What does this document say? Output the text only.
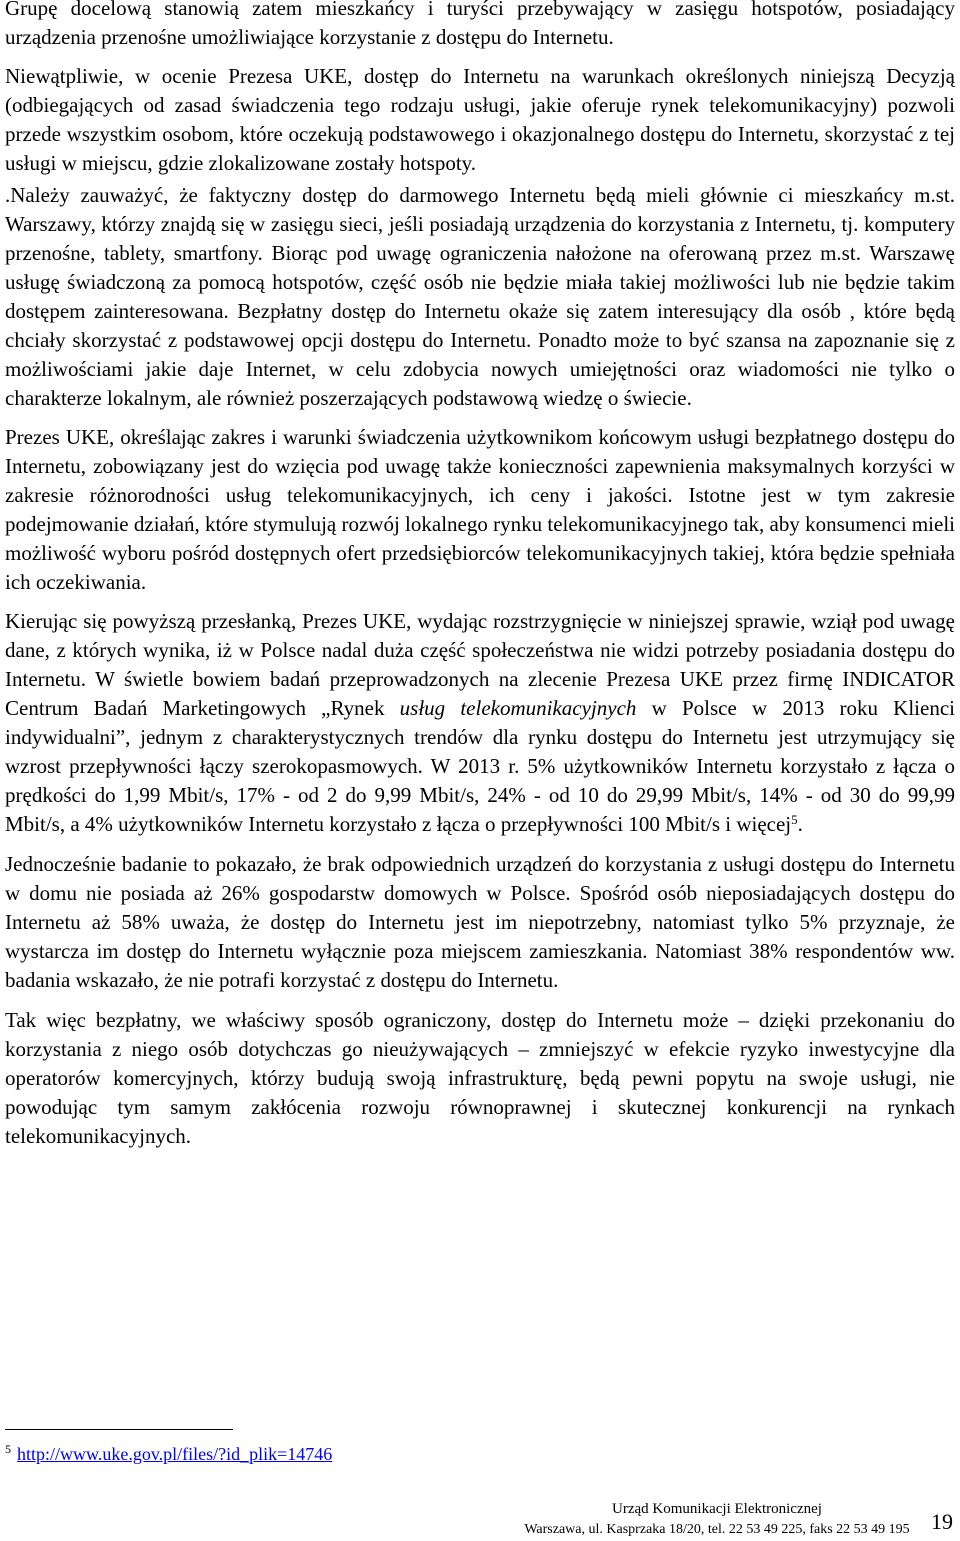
Grupę docelową stanowią zatem mieszkańcy i turyści przebywający w zasięgu hotspotów, posiadający urządzenia przenośne umożliwiające korzystanie z dostępu do Internetu.

Niewątpliwie, w ocenie Prezesa UKE, dostęp do Internetu na warunkach określonych niniejszą Decyzją (odbiegających od zasad świadczenia tego rodzaju usługi, jakie oferuje rynek telekomunikacyjny) pozwoli przede wszystkim osobom, które oczekują podstawowego i okazjonalnego dostępu do Internetu, skorzystać z tej usługi w miejscu, gdzie zlokalizowane zostały hotspoty.

.Należy zauważyć, że faktyczny dostęp do darmowego Internetu będą mieli głównie ci mieszkańcy m.st. Warszawy, którzy znajdą się w zasięgu sieci, jeśli posiadają urządzenia do korzystania z Internetu, tj. komputery przenośne, tablety, smartfony. Biorąc pod uwagę ograniczenia nałożone na oferowaną przez m.st. Warszawę usługę świadczoną za pomocą hotspotów, część osób nie będzie miała takiej możliwości lub nie będzie takim dostępem zainteresowana. Bezpłatny dostęp do Internetu okaże się zatem interesujący dla osób , które będą chciały skorzystać z podstawowej opcji dostępu do Internetu. Ponadto może to być szansa na zapoznanie się z możliwościami jakie daje Internet, w celu zdobycia nowych umiejętności oraz wiadomości nie tylko o charakterze lokalnym, ale również poszerzających podstawową wiedzę o świecie.

Prezes UKE, określając zakres i warunki świadczenia użytkownikom końcowym usługi bezpłatnego dostępu do Internetu, zobowiązany jest do wzięcia pod uwagę także konieczności zapewnienia maksymalnych korzyści w zakresie różnorodności usług telekomunikacyjnych, ich ceny i jakości. Istotne jest w tym zakresie podejmowanie działań, które stymulują rozwój lokalnego rynku telekomunikacyjnego tak, aby konsumenci mieli możliwość wyboru pośród dostępnych ofert przedsiębiorców telekomunikacyjnych takiej, która będzie spełniała ich oczekiwania.

Kierując się powyższą przesłanką, Prezes UKE, wydając rozstrzygnięcie w niniejszej sprawie, wziął pod uwagę dane, z których wynika, iż w Polsce nadal duża część społeczeństwa nie widzi potrzeby posiadania dostępu do Internetu. W świetle bowiem badań przeprowadzonych na zlecenie Prezesa UKE przez firmę INDICATOR Centrum Badań Marketingowych „Rynek usług telekomunikacyjnych w Polsce w 2013 roku Klienci indywidualni”, jednym z charakterystycznych trendów dla rynku dostępu do Internetu jest utrzymujący się wzrost przepływności łączy szerokopasmowych. W 2013 r. 5% użytkowników Internetu korzystało z łącza o prędkości do 1,99 Mbit/s, 17% - od 2 do 9,99 Mbit/s, 24% - od 10 do 29,99 Mbit/s, 14% - od 30 do 99,99 Mbit/s, a 4% użytkowników Internetu korzystało z łącza o przepływności 100 Mbit/s i więcej$^5$.

Jednocześnie badanie to pokazało, że brak odpowiednich urządzeń do korzystania z usługi dostępu do Internetu w domu nie posiada aż 26% gospodarstw domowych w Polsce. Spośród osób nieposiadających dostępu do Internetu aż 58% uważa, że dostęp do Internetu jest im niepotrzebny, natomiast tylko 5% przyznaje, że wystarcza im dostęp do Internetu wyłącznie poza miejscem zamieszkania. Natomiast 38% respondentów ww. badania wskazało, że nie potrafi korzystać z dostępu do Internetu.

Tak więc bezpłatny, we właściwy sposób ograniczony, dostęp do Internetu może – dzięki przekonaniu do korzystania z niego osób dotychczas go nieużywających – zmniejszyć w efekcie ryzyko inwestycyjne dla operatorów komercyjnych, którzy budują swoją infrastrukturę, będą pewni popytu na swoje usługi, nie powodując tym samym zakłócenia rozwoju równoprawnej i skutecznej konkurencji na rynkach telekomunikacyjnych.

$^5$ http://www.uke.gov.pl/files/?id_plik=14746
Urząd Komunikacji Elektronicznej
Warszawa, ul. Kasprzaka 18/20, tel. 22 53 49 225, faks 22 53 49 195 19
